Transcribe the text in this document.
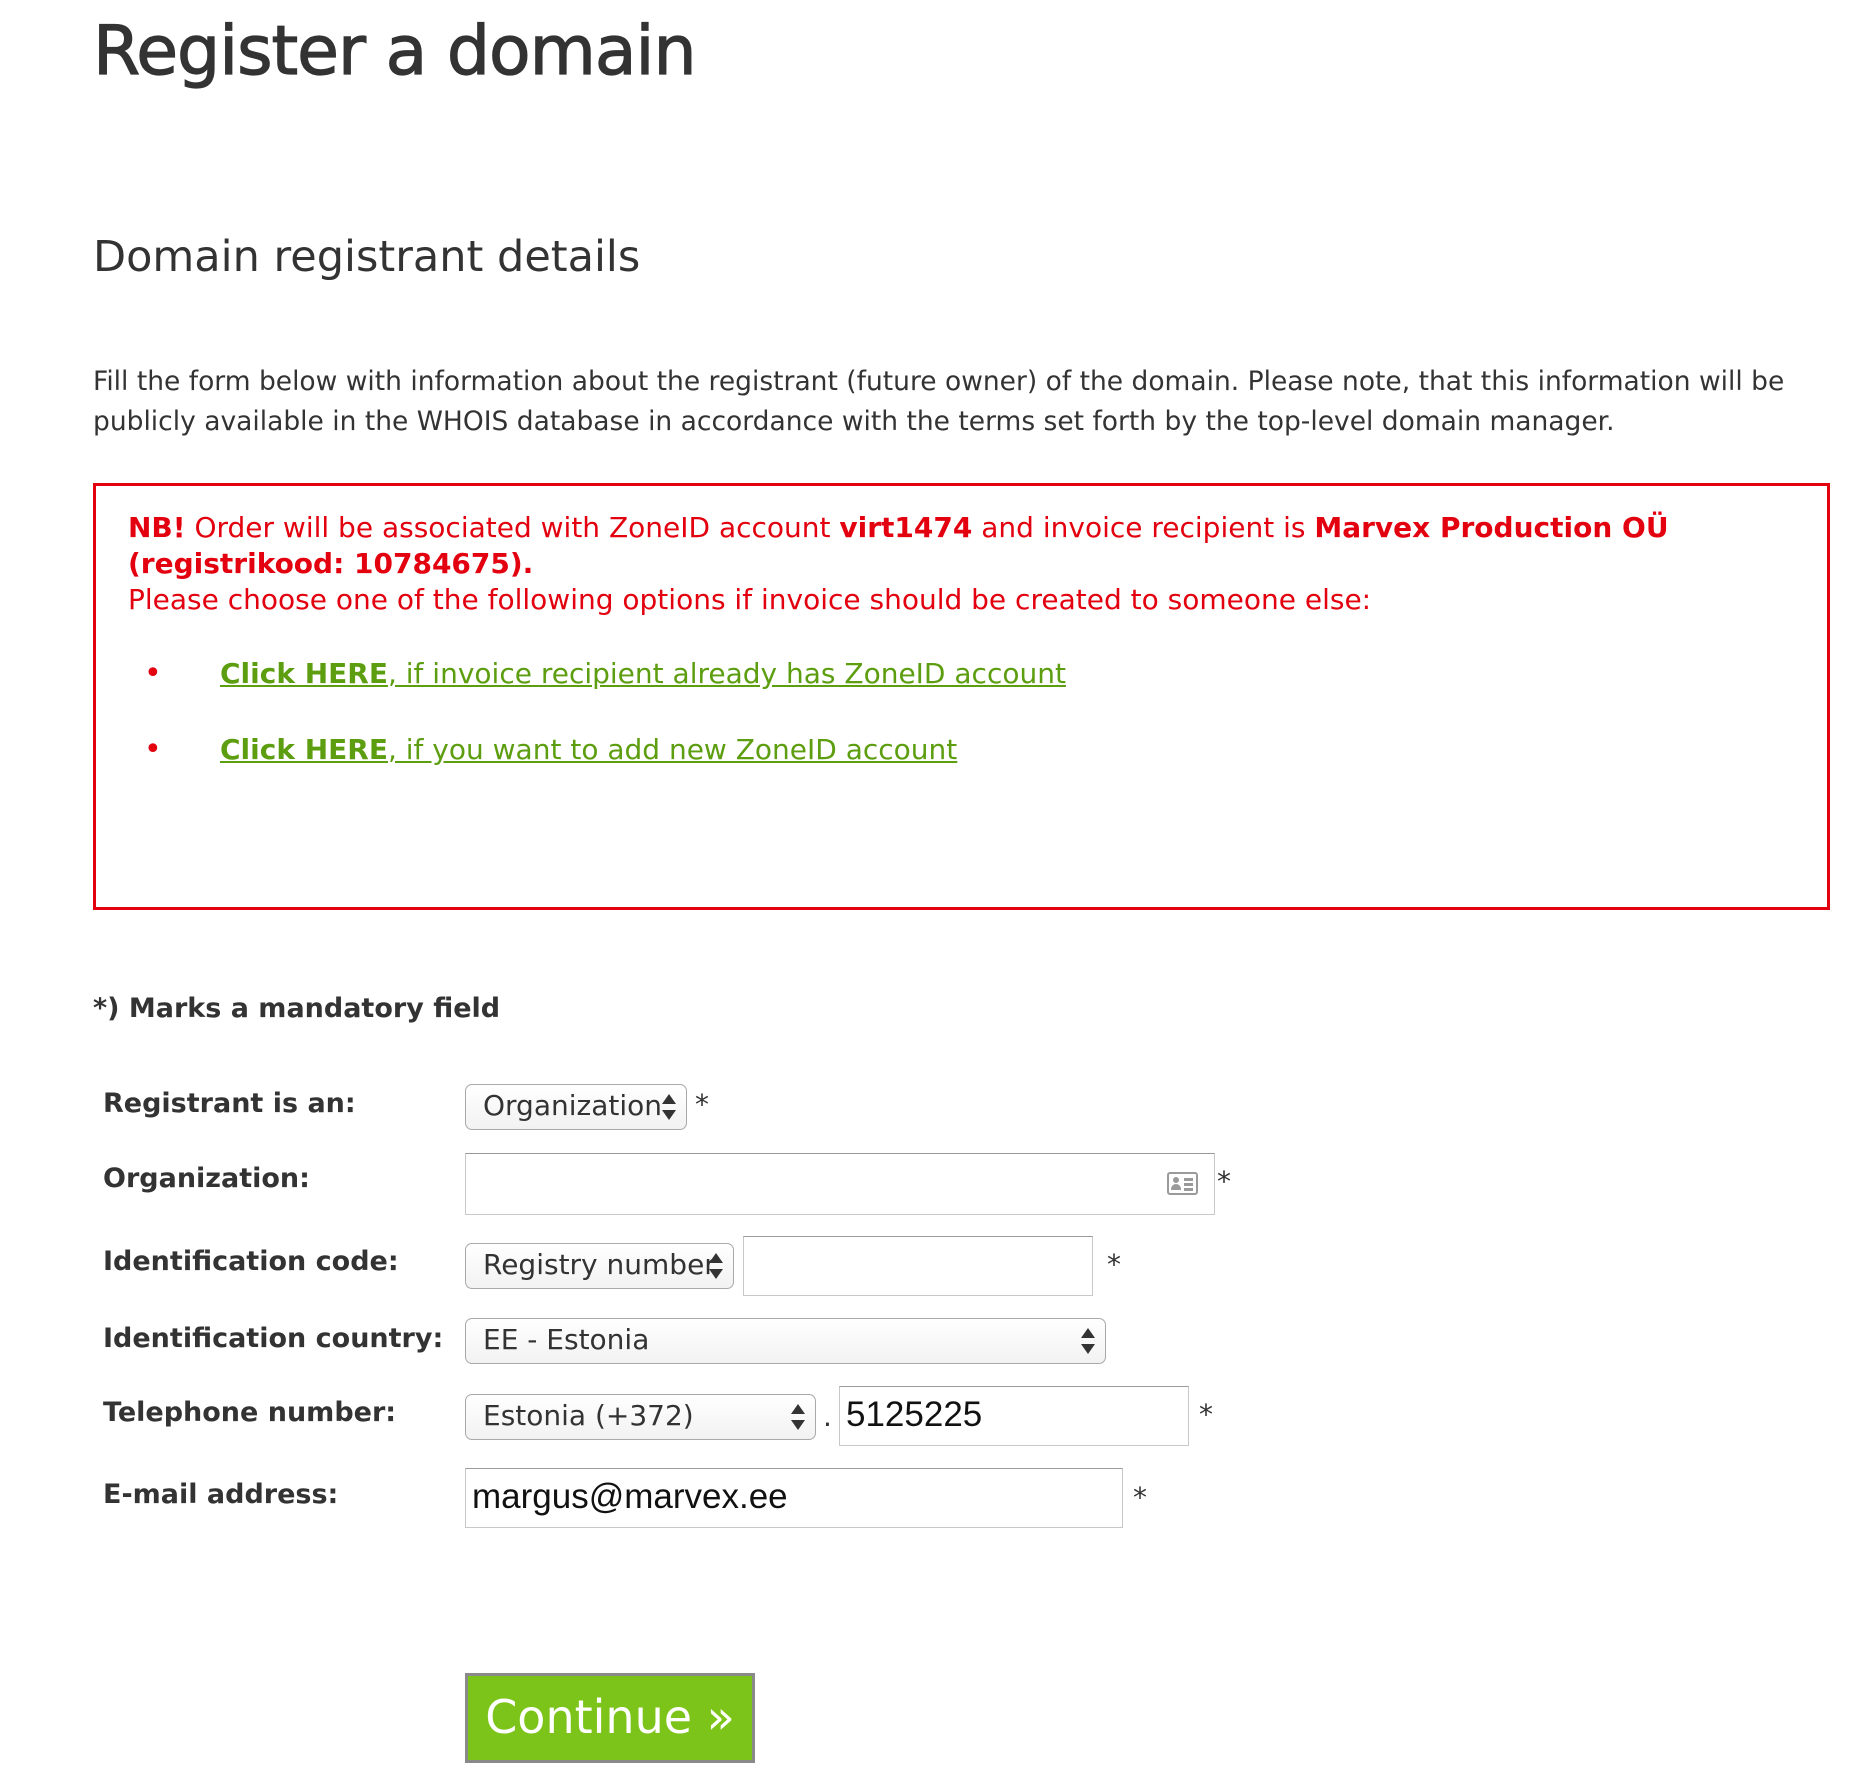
Register a domain
Domain registrant details

Fill the form below with information about the registrant (future owner) of the domain. Please note, that this information will be publicly available in the WHOIS database in accordance with the terms set forth by the top-level domain manager.

NB! Order will be associated with ZoneID account virt1474 and invoice recipient is Marvex Production OÜ (registrikood: 10784675).
Please choose one of the following options if invoice should be created to someone else:
• Click HERE, if invoice recipient already has ZoneID account
• Click HERE, if you want to add new ZoneID account
*) Marks a mandatory field
Registrant is an:	Organization	*
Organization:	*
Identification code:	Registry number	*
Identification country:	EE - Estonia
Telephone number:	Estonia (+372)	. 5125225	*
E-mail address:	margus@marvex.ee	*
Continue »
